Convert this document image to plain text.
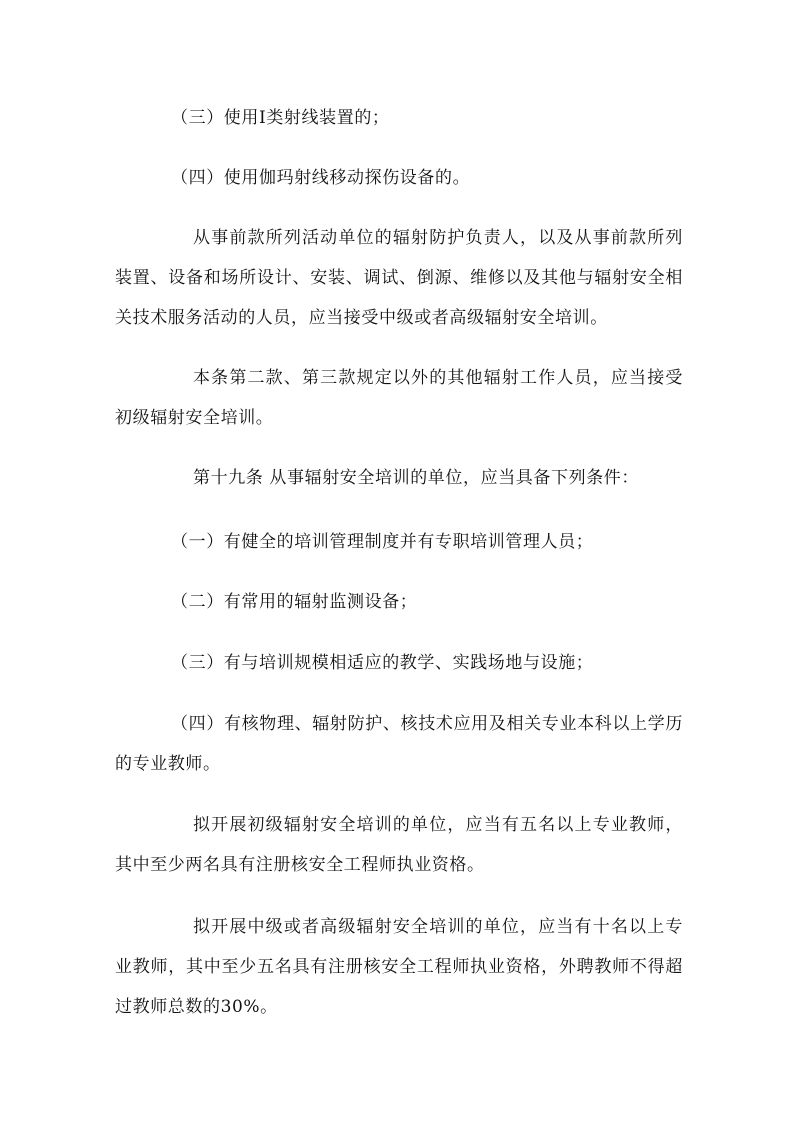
（三）使用Ⅰ类射线装置的；

（四）使用伽玛射线移动探伤设备的。

从事前款所列活动单位的辐射防护负责人，以及从事前款所列装置、设备和场所设计、安装、调试、倒源、维修以及其他与辐射安全相关技术服务活动的人员，应当接受中级或者高级辐射安全培训。

本条第二款、第三款规定以外的其他辐射工作人员，应当接受初级辐射安全培训。

第十九条 从事辐射安全培训的单位，应当具备下列条件：

（一）有健全的培训管理制度并有专职培训管理人员；

（二）有常用的辐射监测设备；

（三）有与培训规模相适应的教学、实践场地与设施；

（四）有核物理、辐射防护、核技术应用及相关专业本科以上学历的专业教师。

拟开展初级辐射安全培训的单位，应当有五名以上专业教师，其中至少两名具有注册核安全工程师执业资格。

拟开展中级或者高级辐射安全培训的单位，应当有十名以上专业教师，其中至少五名具有注册核安全工程师执业资格，外聘教师不得超过教师总数的30%。
